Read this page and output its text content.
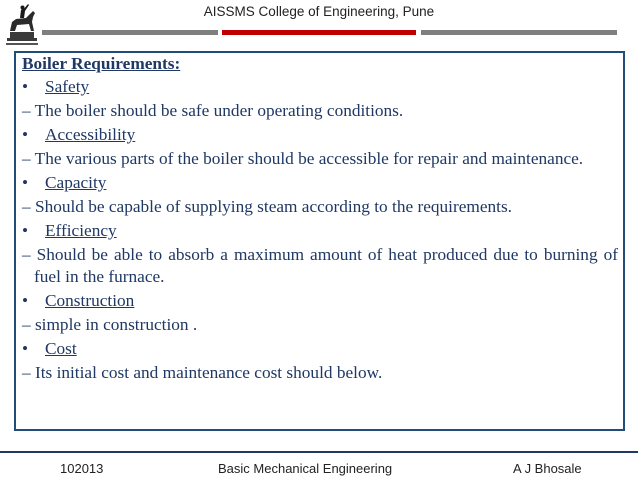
AISSMS College of Engineering, Pune
Boiler Requirements:
• Safety
– The boiler should be safe under operating conditions.
• Accessibility
– The various parts of the boiler should be accessible for repair and maintenance.
• Capacity
– Should be capable of supplying steam according to the requirements.
• Efficiency
– Should be able to absorb a maximum amount of heat produced due to burning of fuel in the furnace.
• Construction
– simple in construction .
• Cost
– Its initial cost and maintenance cost should below.
102013	Basic Mechanical Engineering	A J Bhosale
